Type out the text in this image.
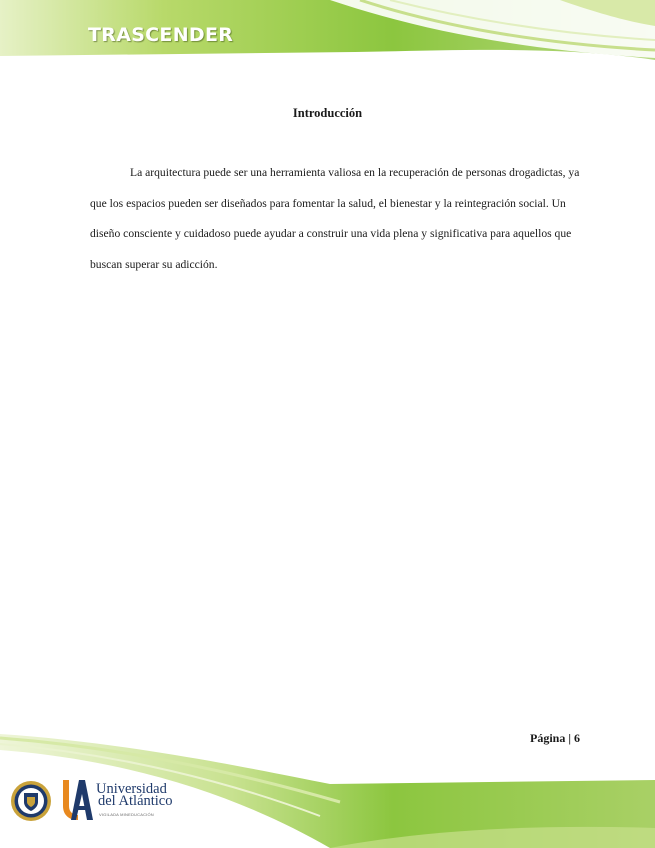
TRASCENDER
Introducción

La arquitectura puede ser una herramienta valiosa en la recuperación de personas drogadictas, ya que los espacios pueden ser diseñados para fomentar la salud, el bienestar y la reintegración social. Un diseño consciente y cuidadoso puede ayudar a construir una vida plena y significativa para aquellos que buscan superar su adicción.

Página | 6
Universidad
del Atlántico
VIGILADA MINEDUCACIÓN
